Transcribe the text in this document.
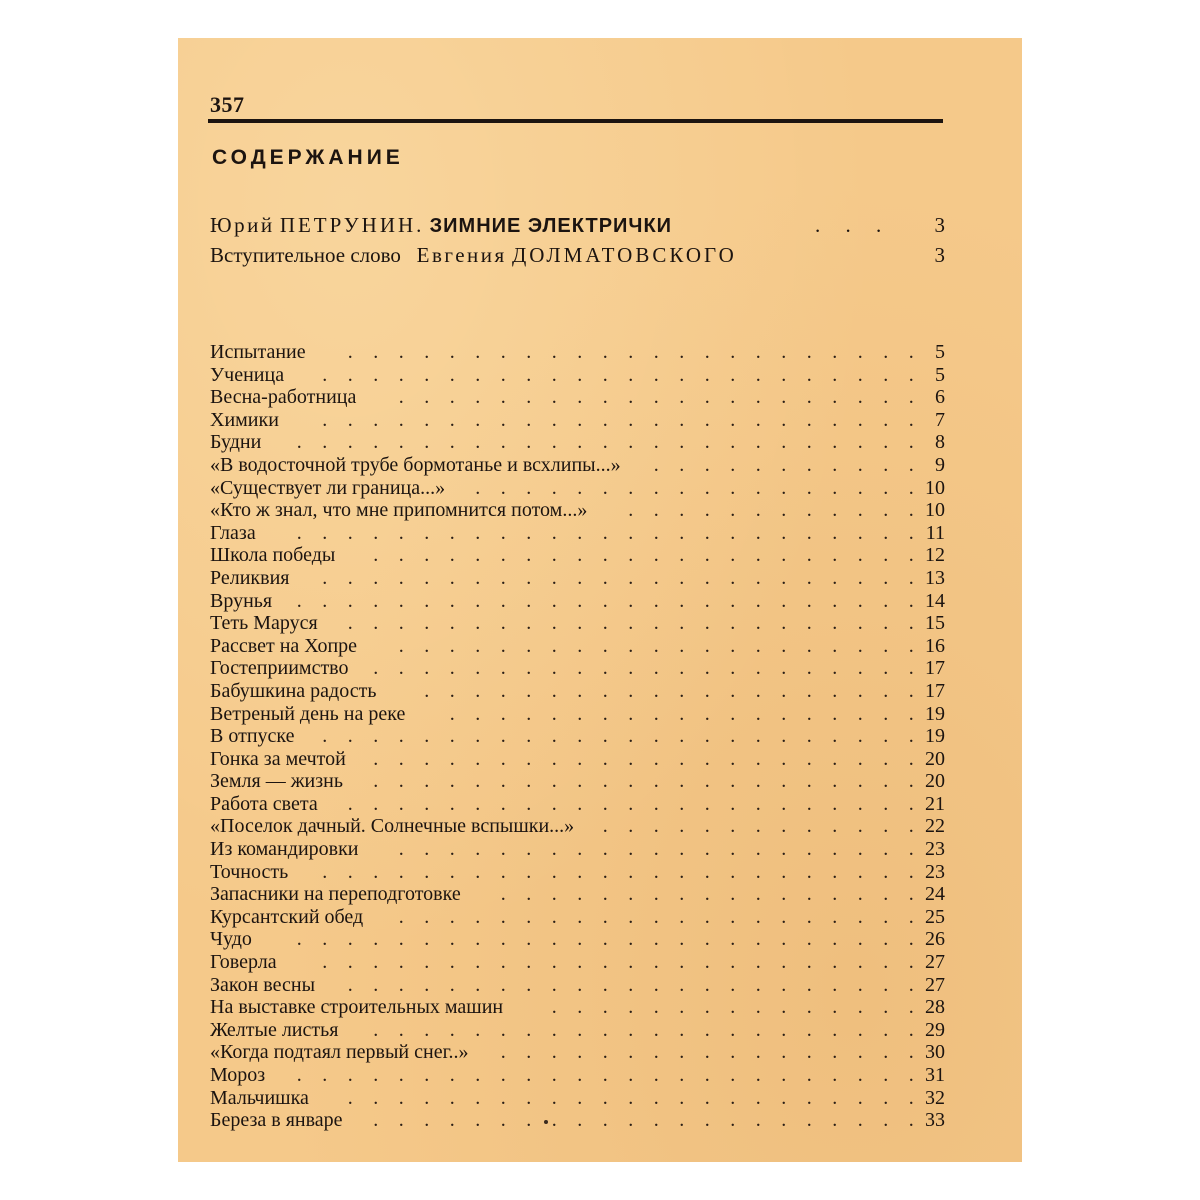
357
СОДЕРЖАНИЕ
Юрий ПЕТРУНИН. ЗИМНИЕ ЭЛЕКТРИЧКИ	. . . 3
Вступительное слово Евгения ДОЛМАТОВСКОГО	3
. . . . . . . . . . . . . . . . . . . . . . .
Испытание	5
. . . . . . . . . . . . . . . . . . . . . . . .
Ученица	5
. . . . . . . . . . . . . . . . . . . . .
Весна-работница	6
. . . . . . . . . . . . . . . . . . . . . . . .
Химики	7
. . . . . . . . . . . . . . . . . . . . . . . . .
Будни	8
. . . . . . . . . . .
«В водосточной трубе бормотанье и всхлипы...»	9
. . . . . . . . . . . . . . . . . .
«Существует ли граница...»	10
. . . . . . . . . . . .
«Кто ж знал, что мне припомнится потом...»	10
. . . . . . . . . . . . . . . . . . . . . . . . .
Глаза	11
. . . . . . . . . . . . . . . . . . . . . .
Школа победы	12
. . . . . . . . . . . . . . . . . . . . . . . .
Реликвия	13
. . . . . . . . . . . . . . . . . . . . . . . . .
Врунья	14
. . . . . . . . . . . . . . . . . . . . . . .
Теть Маруся	15
. . . . . . . . . . . . . . . . . . . . .
Рассвет на Хопре	16
. . . . . . . . . . . . . . . . . . . . . .
Гостеприимство	17
. . . . . . . . . . . . . . . . . . . .
Бабушкина радость	17
. . . . . . . . . . . . . . . . . . .
Ветреный день на реке	19
. . . . . . . . . . . . . . . . . . . . . . . .
В отпуске	19
. . . . . . . . . . . . . . . . . . . . . .
Гонка за мечтой	20
. . . . . . . . . . . . . . . . . . . . . .
Земля — жизнь	20
. . . . . . . . . . . . . . . . . . . . . . .
Работа света	21
. . . . . . . . . . . . .
«Поселок дачный. Солнечные вспышки...»	22
. . . . . . . . . . . . . . . . . . . . .
Из командировки	23
. . . . . . . . . . . . . . . . . . . . . . . .
Точность	23
. . . . . . . . . . . . . . . . .
Запасники на переподготовке	24
. . . . . . . . . . . . . . . . . . . . .
Курсантский обед	25
. . . . . . . . . . . . . . . . . . . . . . . . .
Чудо	26
. . . . . . . . . . . . . . . . . . . . . . . .
Говерла	27
. . . . . . . . . . . . . . . . . . . . . . .
Закон весны	27
. . . . . . . . . . . . . . .
На выставке строительных машин	28
. . . . . . . . . . . . . . . . . . . . . .
Желтые листья	29
. . . . . . . . . . . . . . . . .
«Когда подтаял первый снег..»	30
. . . . . . . . . . . . . . . . . . . . . . . . .
Мороз	31
. . . . . . . . . . . . . . . . . . . . . . .
Мальчишка	32
. . . . . . . . . . . . . . . . . . . . . .
Береза в январе	33
